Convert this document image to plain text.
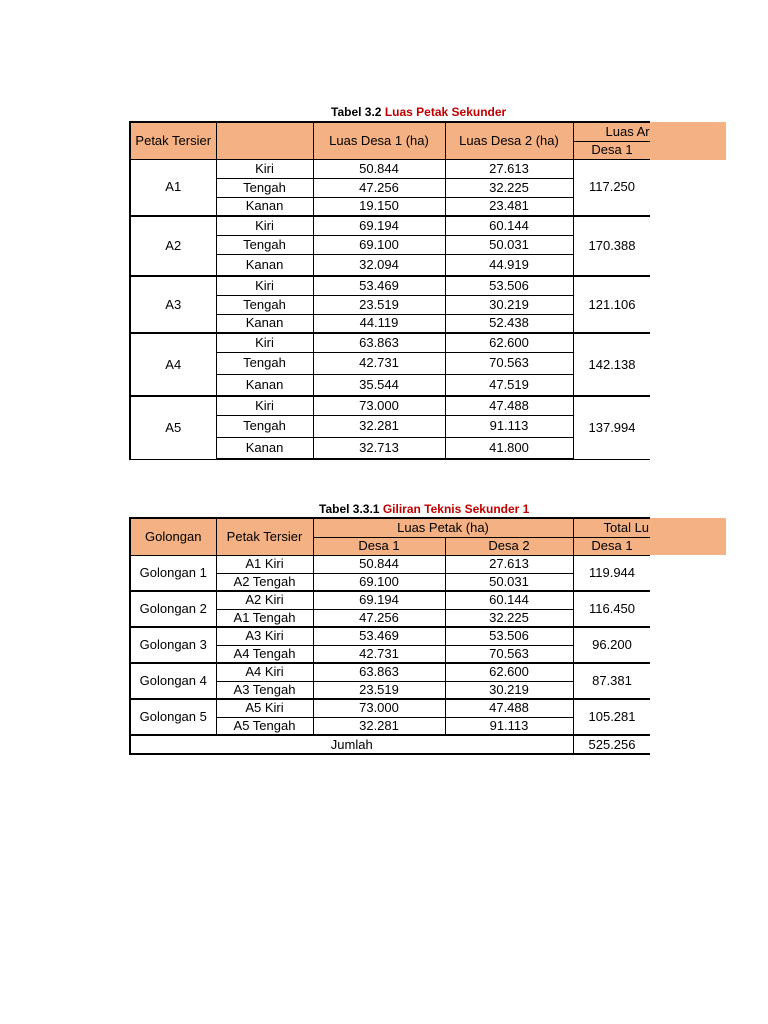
Tabel 3.2 Luas Petak Sekunder
Petak Tersier		Luas Desa 1 (ha)	Luas Desa 2 (ha)	Luas Ar	
				Desa 1	
A1	Kiri	50.844	27.613	117.250	
	Tengah	47.256	32.225		
	Kanan	19.150	23.481		
A2	Kiri	69.194	60.144	170.388	
	Tengah	69.100	50.031		
	Kanan	32.094	44.919		
A3	Kiri	53.469	53.506	121.106	
	Tengah	23.519	30.219		
	Kanan	44.119	52.438		
A4	Kiri	63.863	62.600	142.138	
	Tengah	42.731	70.563		
	Kanan	35.544	47.519		
A5	Kiri	73.000	47.488	137.994	
	Tengah	32.281	91.113		
	Kanan	32.713	41.800		
Tabel 3.3.1 Giliran Teknis Sekunder 1
Golongan	Petak Tersier	Luas Petak (ha)		Total Lu	
		Desa 1	Desa 2	Desa 1	
Golongan 1	A1 Kiri	50.844	27.613	119.944	
	A2 Tengah	69.100	50.031		
Golongan 2	A2 Kiri	69.194	60.144	116.450	
	A1 Tengah	47.256	32.225		
Golongan 3	A3 Kiri	53.469	53.506	96.200	
	A4 Tengah	42.731	70.563		
Golongan 4	A4 Kiri	63.863	62.600	87.381	
	A3 Tengah	23.519	30.219		
Golongan 5	A5 Kiri	73.000	47.488	105.281	
	A5 Tengah	32.281	91.113		
Jumlah				525.256	
